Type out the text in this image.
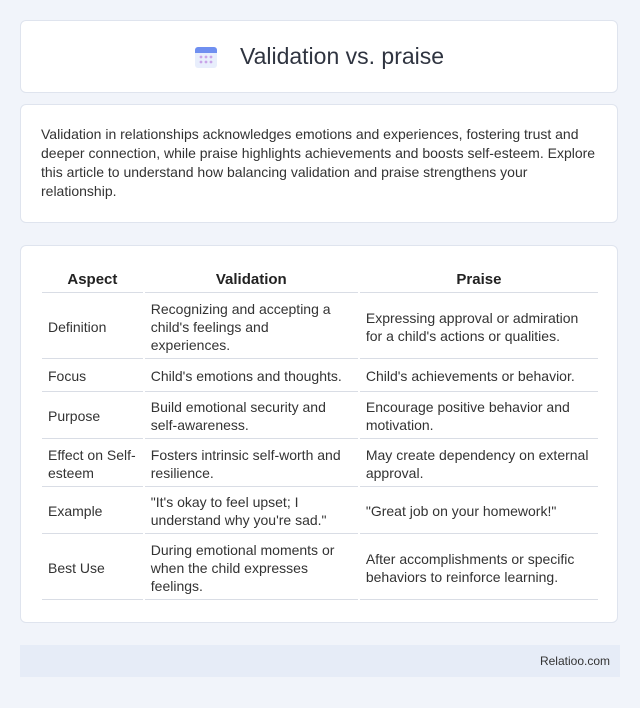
Validation vs. praise

Validation in relationships acknowledges emotions and experiences, fostering trust and deeper connection, while praise highlights achievements and boosts self-esteem. Explore this article to understand how balancing validation and praise strengthens your relationship.

Aspect	Validation	Praise
Definition	Recognizing and accepting a child's feelings and experiences.	Expressing approval or admiration for a child's actions or qualities.
Focus	Child's emotions and thoughts.	Child's achievements or behavior.
Purpose	Build emotional security and self-awareness.	Encourage positive behavior and motivation.
Effect on Self-esteem	Fosters intrinsic self-worth and resilience.	May create dependency on external approval.
Example	"It's okay to feel upset; I understand why you're sad."	"Great job on your homework!"
Best Use	During emotional moments or when the child expresses feelings.	After accomplishments or specific behaviors to reinforce learning.
Relatioo.com
